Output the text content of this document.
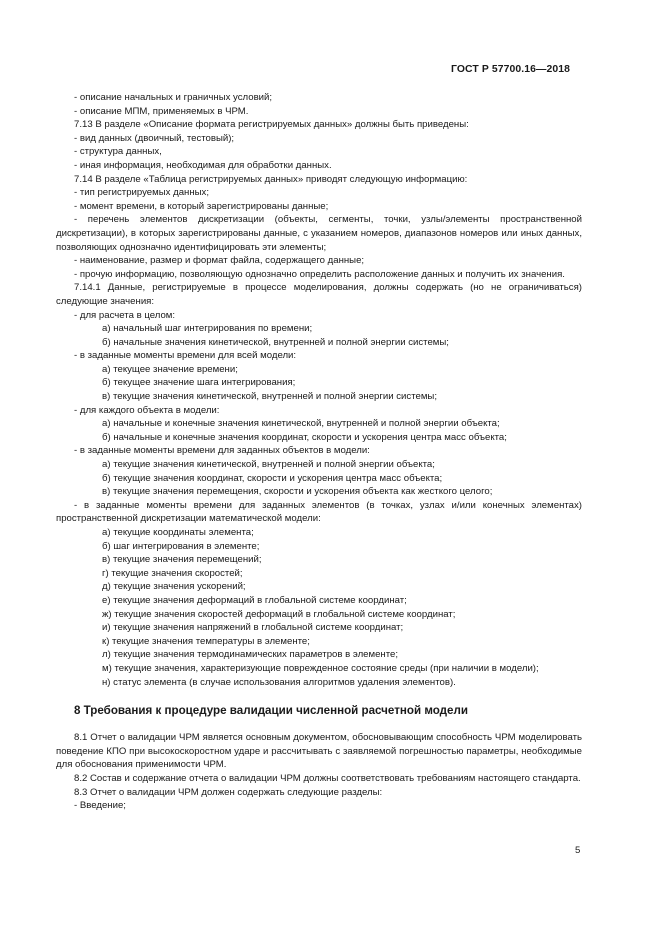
ГОСТ Р 57700.16—2018

- описание начальных и граничных условий;

- описание МПМ, применяемых в ЧРМ.

7.13 В разделе «Описание формата регистрируемых данных» должны быть приведены:

- вид данных (двоичный, тестовый);

- структура данных,

- иная информация, необходимая для обработки данных.

7.14 В разделе «Таблица регистрируемых данных» приводят следующую информацию:

- тип регистрируемых данных;

- момент времени, в который зарегистрированы данные;

- перечень элементов дискретизации (объекты, сегменты, точки, узлы/элементы пространственной дискретизации), в которых зарегистрированы данные, с указанием номеров, диапазонов номеров или иных данных, позволяющих однозначно идентифицировать эти элементы;

- наименование, размер и формат файла, содержащего данные;

- прочую информацию, позволяющую однозначно определить расположение данных и получить их значения.

7.14.1 Данные, регистрируемые в процессе моделирования, должны содержать (но не ограничиваться) следующие значения:

- для расчета в целом:

а) начальный шаг интегрирования по времени;

б) начальные значения кинетической, внутренней и полной энергии системы;

- в заданные моменты времени для всей модели:

а) текущее значение времени;

б) текущее значение шага интегрирования;

в) текущие значения кинетической, внутренней и полной энергии системы;

- для каждого объекта в модели:

а) начальные и конечные значения кинетической, внутренней и полной энергии объекта;

б) начальные и конечные значения координат, скорости и ускорения центра масс объекта;

- в заданные моменты времени для заданных объектов в модели:

а) текущие значения кинетической, внутренней и полной энергии объекта;

б) текущие значения координат, скорости и ускорения центра масс объекта;

в) текущие значения перемещения, скорости и ускорения объекта как жесткого целого;

- в заданные моменты времени для заданных элементов (в точках, узлах и/или конечных элементах) пространственной дискретизации математической модели:

а) текущие координаты элемента;

б) шаг интегрирования в элементе;

в) текущие значения перемещений;

г) текущие значения скоростей;

д) текущие значения ускорений;

е) текущие значения деформаций в глобальной системе координат;

ж) текущие значения скоростей деформаций в глобальной системе координат;

и) текущие значения напряжений в глобальной системе координат;

к) текущие значения температуры в элементе;

л) текущие значения термодинамических параметров в элементе;

м) текущие значения, характеризующие поврежденное состояние среды (при наличии в модели);

н) статус элемента (в случае использования алгоритмов удаления элементов).

8 Требования к процедуре валидации численной расчетной модели

8.1 Отчет о валидации ЧРМ является основным документом, обосновывающим способность ЧРМ моделировать поведение КПО при высокоскоростном ударе и рассчитывать с заявляемой погрешностью параметры, необходимые для обоснования применимости ЧРМ.

8.2 Состав и содержание отчета о валидации ЧРМ должны соответствовать требованиям настоящего стандарта.

8.3 Отчет о валидации ЧРМ должен содержать следующие разделы:

- Введение;

5
